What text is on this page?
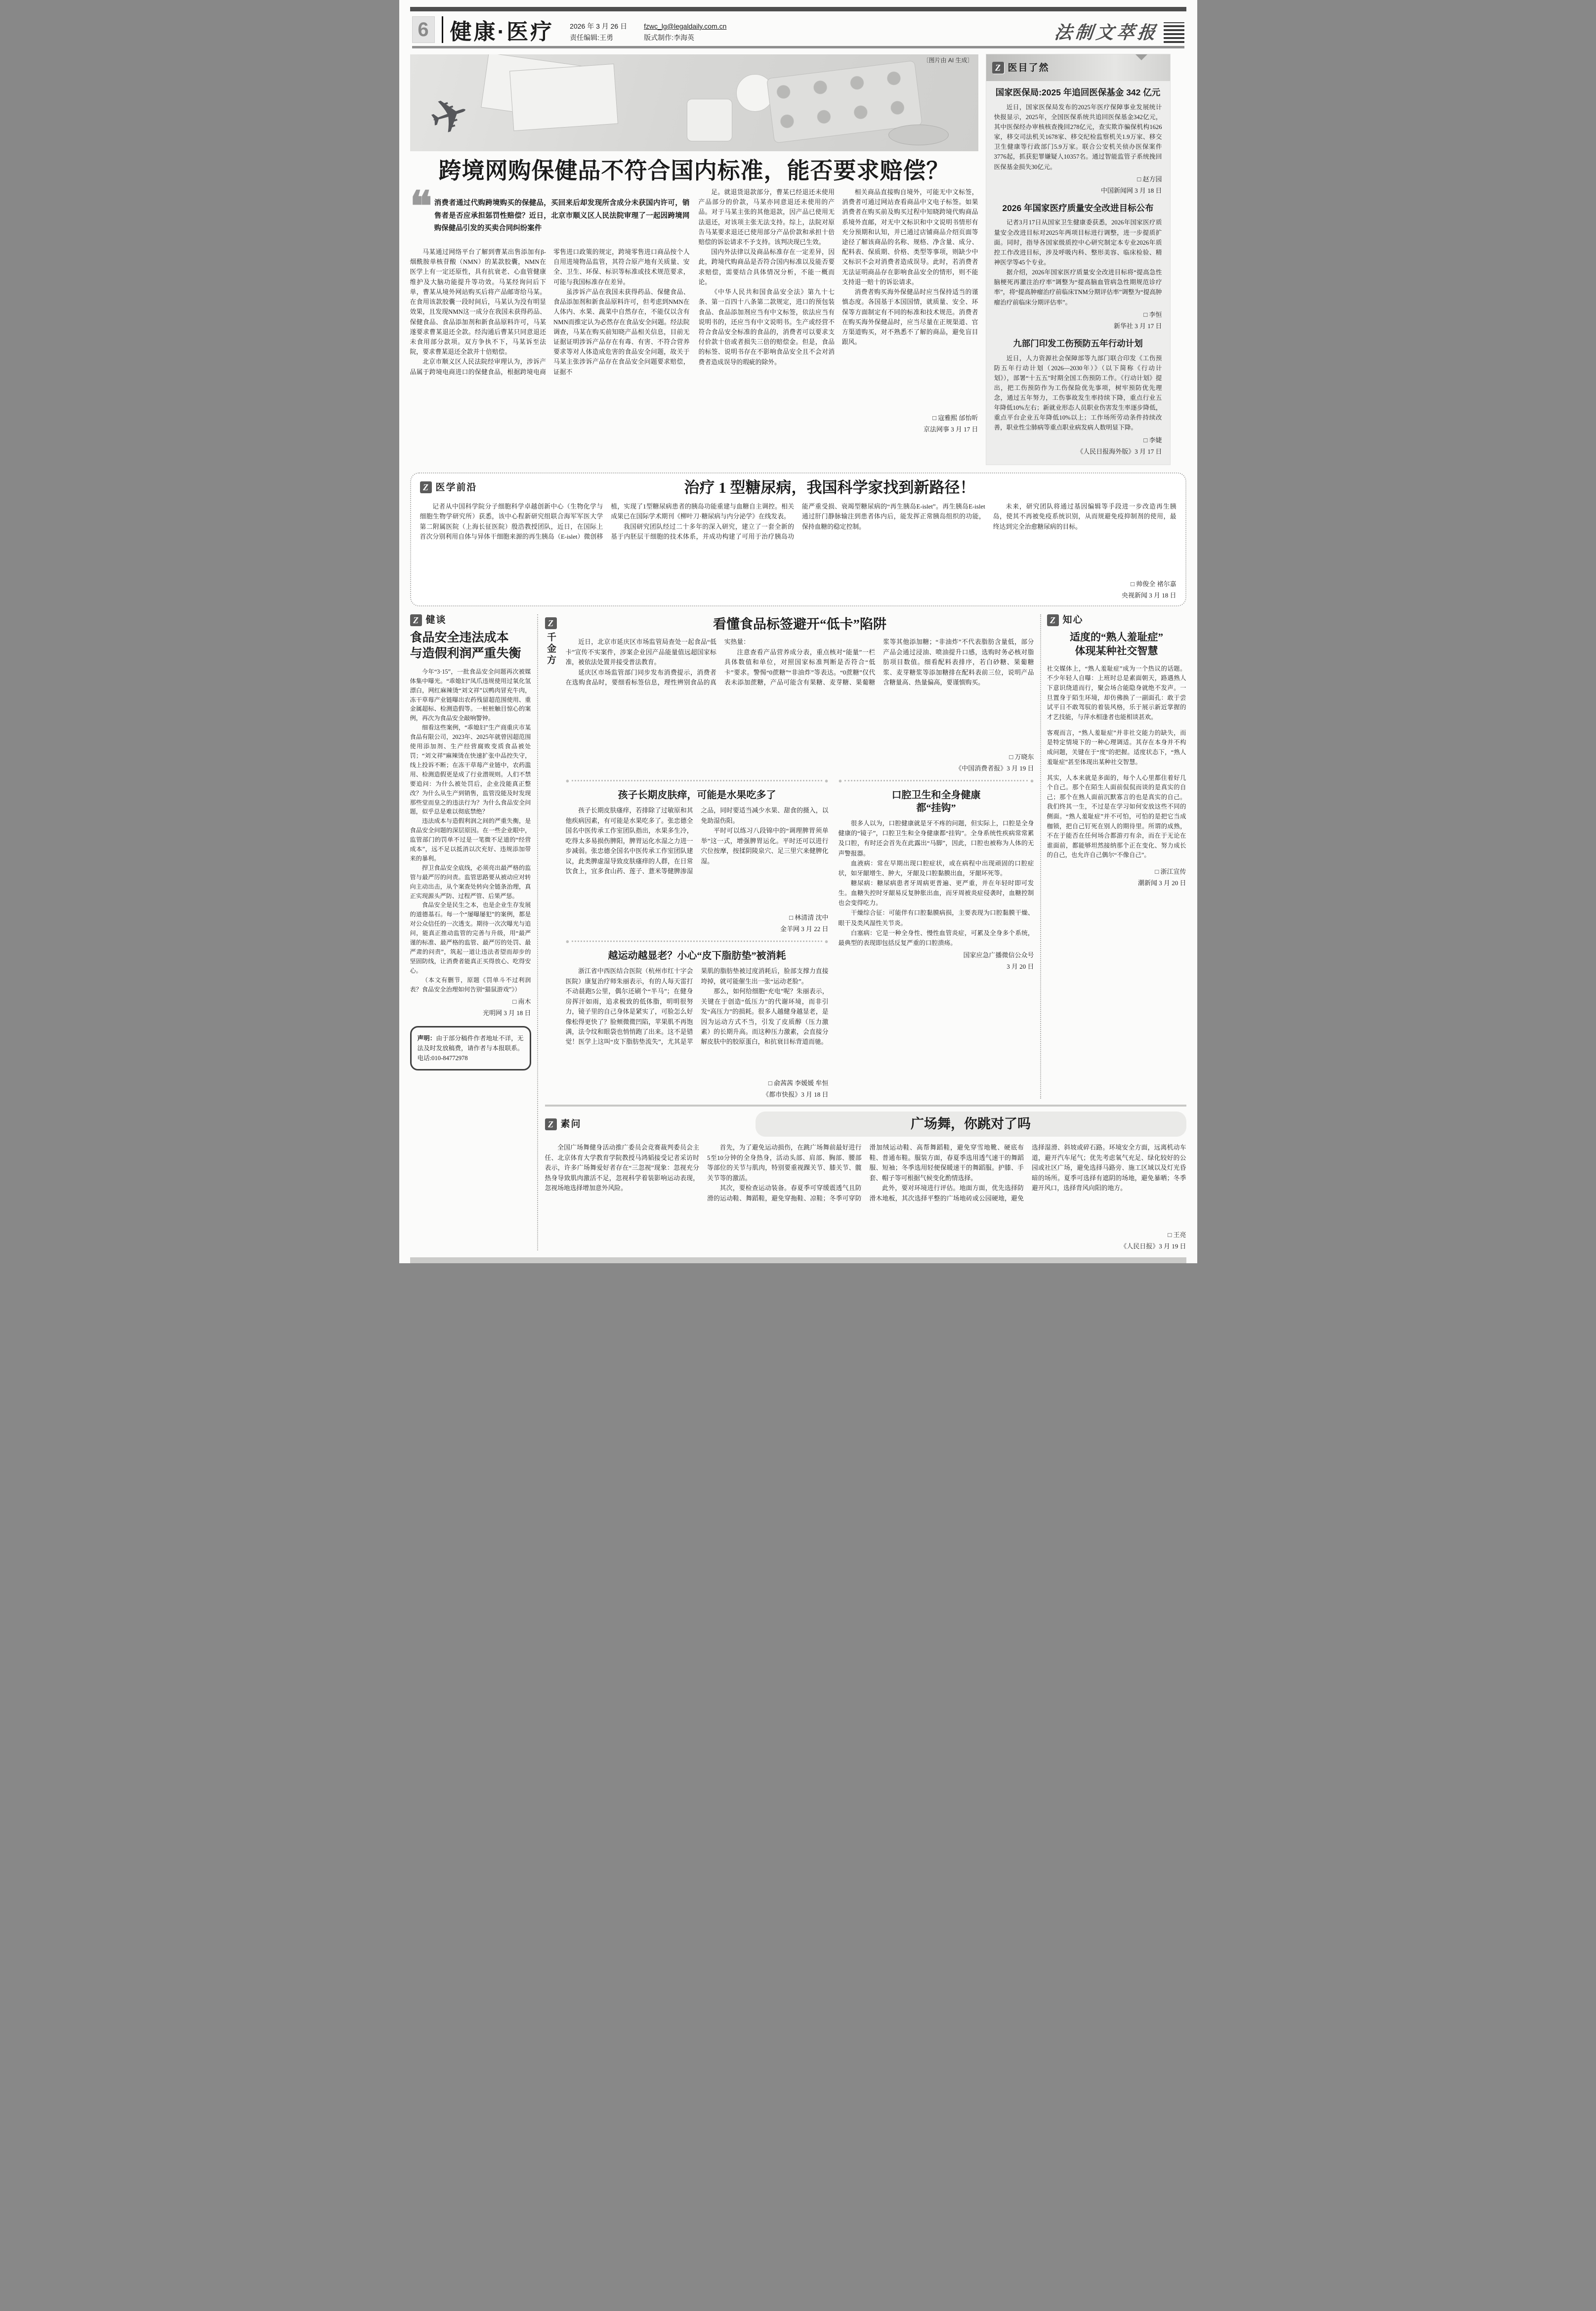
6 健康·医疗 2026 年 3 月 26 日
责任编辑:王勇
fzwc_lg@legaldaily.com.cn
版式制作:李海英	法制文萃报
✈
〔图片由 AI 生成〕
跨境网购保健品不符合国内标准，能否要求赔偿？
❝ 消费者通过代购跨境购买的保健品，买回来后却发现所含成分未获国内许可，销售者是否应承担惩罚性赔偿？近日，北京市顺义区人民法院审理了一起因跨境网购保健品引发的买卖合同纠纷案件

马某通过网络平台了解到曹某出售添加有β-烟酰胺单核苷酸（NMN）的某款胶囊，NMN在医学上有一定还原性，具有抗衰老、心血管健康维护及大脑功能提升等功效。马某经询问后下单，曹某从境外网站购买后将产品邮寄给马某。在食用该款胶囊一段时间后，马某认为没有明显效果，且发现NMN这一成分在我国未获得药品、保健食品、食品添加剂和新食品原料许可，马某遂要求曹某退还全款。经沟通后曹某只同意退还未食用部分款项。双方争执不下，马某诉至法院，要求曹某退还全款并十倍赔偿。

北京市顺义区人民法院经审理认为，涉诉产品属于跨境电商进口的保健食品，根据跨境电商零售进口政策的规定，跨境零售进口商品按个人自用进境物品监管，其符合原产地有关质量、安全、卫生、环保、标识等标准或技术规范要求，可能与我国标准存在差异。

虽涉诉产品在我国未获得药品、保健食品、食品添加剂和新食品原料许可，但考虑到NMN在人体内、水果、蔬菜中自然存在，不能仅以含有NMN而推定认为必然存在食品安全问题。经法院调查，马某在购买前知晓产品相关信息，目前无证据证明涉诉产品存在有毒、有害、不符合营养要求等对人体造成危害的食品安全问题，故关于马某主张涉诉产品存在食品安全问题要求赔偿，证据不

足。就退货退款部分，曹某已经退还未使用产品部分的价款，马某亦同意退还未使用的产品。对于马某主张的其他退款，因产品已使用无法退还，对该项主张无法支持。综上，法院对原告马某要求退还已使用部分产品价款和承担十倍赔偿的诉讼请求不予支持。该判决现已生效。

国内外法律以及商品标准存在一定差异，因此，跨境代购商品是否符合国内标准以及能否要求赔偿，需要结合具体情况分析，不能一概而论。

《中华人民共和国食品安全法》第九十七条、第一百四十八条第二款规定，进口的预包装食品、食品添加剂应当有中文标签，依法应当有说明书的，还应当有中文说明书。生产或经营不符合食品安全标准的食品的，消费者可以要求支付价款十倍或者损失三倍的赔偿金。但是，食品的标签、说明书存在不影响食品安全且不会对消费者造成误导的瑕疵的除外。

相关商品直接购自境外，可能无中文标签，消费者可通过网站查看商品中文电子标签。如果消费者在购买前及购买过程中知晓跨境代购商品系境外直邮，对无中文标识和中文说明书情形有充分预期和认知，并已通过店铺商品介绍页面等途径了解该商品的名称、规格、净含量、成分、配料表、保质期、价格、类型等事项，则缺少中文标识不会对消费者造成误导。此时，若消费者无法证明商品存在影响食品安全的情形，则不能支持退一赔十的诉讼请求。

消费者购买海外保健品时应当保持适当的谨慎态度。各国基于本国国情，就质量、安全、环保等方面制定有不同的标准和技术规范。消费者在购买海外保健品时，应当尽量在正规渠道、官方渠道购买，对不熟悉不了解的商品，避免盲目跟风。

□ 寇雅熙 邰怡昕
京法网事 3 月 17 日
Z 医目了然
国家医保局:2025 年追回医保基金 342 亿元

近日，国家医保局发布的2025年医疗保障事业发展统计快报显示，2025年，全国医保系统共追回医保基金342亿元，其中医保经办审核核查挽回278亿元，查实欺诈骗保机构1626家，移交司法机关1678家、移交纪检监察机关1.9万家、移交卫生健康等行政部门5.9万家。联合公安机关侦办医保案件3776起，抓获犯罪嫌疑人10357名。通过智能监管子系统挽回医保基金损失30亿元。

□ 赵方园
中国新闻网 3 月 18 日
2026 年国家医疗质量安全改进目标公布

记者3月17日从国家卫生健康委获悉，2026年国家医疗质量安全改进目标对2025年两项目标进行调整，进一步提质扩面。同时，指导各国家级质控中心研究制定本专业2026年质控工作改进目标，涉及呼吸内科、整形美容、临床检验、精神医学等45个专业。

据介绍，2026年国家医疗质量安全改进目标将“提高急性脑梗死再灌注治疗率”调整为“提高脑血管病急性期规范诊疗率”，将“提高肿瘤治疗前临床TNM分期评估率”调整为“提高肿瘤治疗前临床分期评估率”。

□ 李恒
新华社 3 月 17 日
九部门印发工伤预防五年行动计划

近日，人力资源社会保障部等九部门联合印发《工伤预防五年行动计划（2026—2030年）》（以下简称《行动计划》），部署“十五五”时期全国工伤预防工作。《行动计划》提出，把工伤预防作为工伤保险优先事项，树牢预防优先理念，通过五年努力，工伤事故发生率持续下降，重点行业五年降低10%左右；新就业形态人员职业伤害发生率逐步降低，重点平台企业五年降低10%以上；工作场所劳动条件持续改善，职业性尘肺病等重点职业病发病人数明显下降。

□ 李婕
《人民日报海外版》3 月 17 日
Z 医学前沿	治疗 1 型糖尿病，我国科学家找到新路径！

记者从中国科学院分子细胞科学卓越创新中心（生物化学与细胞生物学研究所）获悉，该中心程新研究组联合海军军医大学第二附属医院（上海长征医院）殷浩教授团队，近日，在国际上首次分别利用自体与异体干细胞来源的再生胰岛（E-islet）微创移植，实现了1型糖尿病患者的胰岛功能重建与血糖自主调控。相关成果已在国际学术期刊《柳叶刀·糖尿病与内分泌学》在线发表。

我国研究团队经过二十多年的深入研究，建立了一套全新的基于内胚层干细胞的技术体系，并成功构建了可用于治疗胰岛功能严重受损、衰竭型糖尿病的“再生胰岛E-islet”。再生胰岛E-islet通过肝门静脉输注到患者体内后，能发挥正常胰岛组织的功能，保持血糖的稳定控制。

未来，研究团队将通过基因编辑等手段进一步改造再生胰岛，使其不再被免疫系统识别，从而规避免疫抑制剂的使用，最终达到完全治愈糖尿病的目标。

□ 帅俊全 褚尔嘉
央视新闻 3 月 18 日
Z 健谈
食品安全违法成本
与造假利润严重失衡

今年“3·15”，一批食品安全问题再次被媒体集中曝光。“乖媳妇”凤爪违规使用过氧化氢漂白，网红麻辣烫“刘文祥”以鸭肉冒充牛肉，冻干草莓产业链曝出农药残留超范围使用、重金属超标、检测造假等。一桩桩触目惊心的案例，再次为食品安全敲响警钟。

细看这些案例，“乖媳妇”生产商重庆市某食品有限公司，2023年、2025年就曾因超范围使用添加剂、生产经营腐败变质食品被处罚；“刘文祥”麻辣烫在快速扩张中品控失守，线上投诉不断；在冻干草莓产业链中，农药滥用、检测造假更是成了行业潜规则。人们不禁要追问：为什么被处罚后，企业没能真正整改？为什么从生产到销售，监管没能及时发现那些堂而皇之的违法行为？为什么食品安全问题，似乎总是难以彻底禁绝？

违法成本与造假利润之间的严重失衡，是食品安全问题的深层原因。在一些企业眼中，监管部门的罚单不过是一笔微不足道的“经营成本”，远不足以抵消以次充好、违规添加带来的暴利。

捍卫食品安全底线，必须亮出最严格的监管与最严厉的问责。监管思路要从被动应对转向主动出击，从个案查处转向全链条治理，真正实现源头严防、过程严管、后果严惩。

食品安全是民生之本，也是企业生存发展的道德基石。每一个“屡曝屡犯”的案例，都是对公众信任的一次透支。期待一次次曝光与追问，能真正推动监管的完善与升级，用“最严谨的标准、最严格的监管、最严厉的处罚、最严肃的问责”，筑起一道让违法者望而却步的坚固防线，让消费者能真正买得放心、吃得安心。

（本文有删节，原题《罚单斗不过利润表？食品安全治理如何告别“猫鼠游戏”》）

□ 南木
光明网 3 月 18 日
声明：由于部分稿件作者地址不详，无法及时发放稿费，请作者与本报联系。电话:010-84772978
Z
千金方
看懂食品标签避开“低卡”陷阱

近日，北京市延庆区市场监管局查处一起食品“低卡”宣传不实案件，涉案企业因产品能量值远超国家标准，被依法处置并接受普法教育。

延庆区市场监管部门同步发布消费提示，消费者在选购食品时，要细看标签信息，理性辨别食品的真实热量：

注意查看产品营养成分表，重点核对“能量”一栏具体数值和单位，对照国家标准判断是否符合“低卡”要求。警惕“0蔗糖”“非油炸”等表达。“0蔗糖”仅代表未添加蔗糖，产品可能含有果糖、麦芽糖、果葡糖浆等其他添加糖；“非油炸”不代表脂肪含量低，部分产品会通过浸油、喷油提升口感，选购时务必核对脂肪项目数值。细看配料表排序，若白砂糖、果葡糖浆、麦芽糖浆等添加糖排在配料表前三位，说明产品含糖量高、热量偏高，要谨慎购买。

□ 万晓东
《中国消费者报》3 月 19 日
●	●
孩子长期皮肤痒，可能是水果吃多了

孩子长期皮肤瘙痒，若排除了过敏原和其他疾病因素，有可能是水果吃多了。张忠德全国名中医传承工作室团队指出，水果多生冷，吃得太多易损伤脾阳，脾胃运化水湿之力进一步减弱。张忠德全国名中医传承工作室团队建议，此类脾虚湿导致皮肤瘙痒的人群，在日常饮食上，宜多食山药、莲子、薏米等健脾渗湿之品，同时要适当减少水果、甜食的摄入，以免助湿伤阳。

平时可以练习八段锦中的“调理脾胃须单举”这一式，增强脾胃运化。平时还可以进行穴位按摩，按揉阴陵泉穴、足三里穴来健脾化湿。

□ 林清清 沈中
金羊网 3 月 22 日
●	●
越运动越显老？小心“皮下脂肪垫”被消耗

浙江省中西医结合医院（杭州市红十字会医院）康复治疗师朱丽表示，有的人每天雷打不动晨跑5公里，偶尔还刷个“半马”；在健身房挥汗如雨，追求极致的低体脂，明明很努力，镜子里的自己身体是紧实了，可脸怎么好像松得更快了？脸颊微微凹陷，苹果肌不再饱满，法令纹和眼袋也悄悄跑了出来。这不是错觉！医学上这叫“皮下脂肪垫流失”，尤其是苹果肌的脂肪垫被过度消耗后，脸部支撑力直接垮掉，就可能催生出一张“运动老脸”。

那么，如何给细胞“充电”呢？朱丽表示，关键在于创造“低压力”的代谢环境，而非引发“高压力”的损耗。很多人越健身越显老，是因为运动方式不当，引发了皮质醇（压力激素）的长期升高。而这种压力激素，会直接分解皮肤中的胶原蛋白，和抗衰目标背道而驰。

□ 俞茜茜 李媛媛 牟恒
《都市快报》3 月 18 日
●	●
口腔卫生和全身健康
都“挂钩”

很多人以为，口腔健康就是牙不疼的问题，但实际上，口腔是全身健康的“镜子”，口腔卫生和全身健康都“挂钩”。全身系统性疾病常常累及口腔，有时还会首先在此露出“马脚”，因此，口腔也被称为人体的无声警报器。

血液病：常在早期出现口腔症状，或在病程中出现顽固的口腔症状，如牙龈增生、肿大，牙龈及口腔黏膜出血，牙龈坏死等。

糖尿病：糖尿病患者牙周病更普遍、更严重，并在年轻时即可发生。血糖失控时牙龈易反复肿胀出血，而牙周被炎症侵袭时，血糖控制也会变得吃力。

干燥综合征：可能伴有口腔黏膜病损，主要表现为口腔黏膜干燥、眼干及类风湿性关节炎。

白塞病：它是一种全身性、慢性血管炎症，可累及全身多个系统，最典型的表现即包括反复严重的口腔溃疡。

国家应急广播微信公众号
3 月 20 日
Z 知心
适度的“熟人羞耻症”
体现某种社交智慧

社交媒体上，“熟人羞耻症”成为一个热议的话题。不少年轻人自曝：上班时总是素面朝天，路遇熟人下意识绕道而行，聚会场合能隐身就绝不发声。一旦置身于陌生环境，却仿佛换了一副面孔：敢于尝试平日不敢驾驭的着装风格，乐于展示新近掌握的才艺技能，与萍水相逢者也能相谈甚欢。

客观而言，“熟人羞耻症”并非社交能力的缺失，而是特定情境下的一种心理调适。其存在本身并不构成问题，关键在于“度”的把握。适度状态下，“熟人羞耻症”甚至体现出某种社交智慧。

其实，人本来就是多面的，每个人心里都住着好几个自己。那个在陌生人面前侃侃而谈的是真实的自己；那个在熟人面前沉默寡言的也是真实的自己。我们终其一生，不过是在学习如何安放这些不同的侧面。“熟人羞耻症”并不可怕，可怕的是把它当成枷锁，把自己钉死在别人的期待里。所谓的成熟，不在于能否在任何场合都游刃有余，而在于无论在谁面前，都能够坦然接纳那个正在变化、努力成长的自己，也允许自己偶尔“不像自己”。

□ 浙江宣传
潮新闻 3 月 20 日
Z 素问	广场舞，你跳对了吗

全国广场舞健身活动推广委员会竞赛裁判委员会主任、北京体育大学教育学院教授马鸿韬接受记者采访时表示，许多广场舞爱好者存在“三忽视”现象：忽视充分热身导致肌肉激活不足，忽视科学着装影响运动表现，忽视场地选择增加意外风险。

首先，为了避免运动损伤，在跳广场舞前最好进行5至10分钟的全身热身，活动头部、肩部、胸部、腰部等部位的关节与肌肉，特别要重视踝关节、膝关节、髋关节等的激活。

其次，要检查运动装备。春夏季可穿缓震透气且防滑的运动鞋、舞蹈鞋，避免穿拖鞋、凉鞋；冬季可穿防滑加绒运动鞋、高帮舞蹈鞋，避免穿雪地靴、硬底布鞋、普通布鞋。服装方面，春夏季选用透气速干的舞蹈服、短袖；冬季选用轻便保暖速干的舞蹈服。护膝、手套、帽子等可根据气候变化酌情选择。

此外，要对环境进行评估。地面方面，优先选择防滑木地板，其次选择平整的广场地砖或公园硬地，避免选择湿滑、斜坡或碎石路。环境安全方面，远离机动车道，避开汽车尾气；优先考虑氧气充足、绿化较好的公园或社区广场，避免选择马路旁、施工区域以及灯光昏暗的场所。夏季可选择有遮阴的场地，避免暴晒；冬季避开风口，选择背风向阳的地方。

□ 王亮
《人民日报》3 月 19 日
